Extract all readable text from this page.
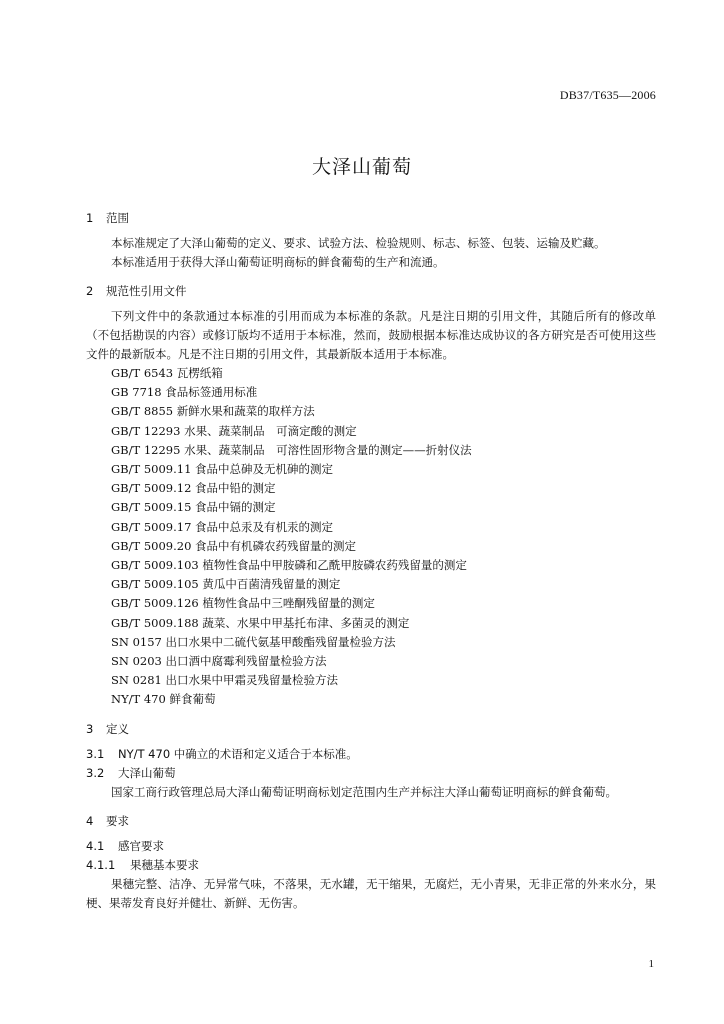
DB37/T635—2006
大泽山葡萄
1 范围

本标准规定了大泽山葡萄的定义、要求、试验方法、检验规则、标志、标签、包装、运输及贮藏。

本标准适用于获得大泽山葡萄证明商标的鲜食葡萄的生产和流通。

2 规范性引用文件

下列文件中的条款通过本标准的引用而成为本标准的条款。凡是注日期的引用文件，其随后所有的修改单（不包括勘误的内容）或修订版均不适用于本标准，然而，鼓励根据本标准达成协议的各方研究是否可使用这些文件的最新版本。凡是不注日期的引用文件，其最新版本适用于本标准。

GB/T 6543 瓦楞纸箱

GB 7718 食品标签通用标准

GB/T 8855 新鲜水果和蔬菜的取样方法

GB/T 12293 水果、蔬菜制品　可滴定酸的测定

GB/T 12295 水果、蔬菜制品　可溶性固形物含量的测定——折射仪法

GB/T 5009.11 食品中总砷及无机砷的测定

GB/T 5009.12 食品中铅的测定

GB/T 5009.15 食品中镉的测定

GB/T 5009.17 食品中总汞及有机汞的测定

GB/T 5009.20 食品中有机磷农药残留量的测定

GB/T 5009.103 植物性食品中甲胺磷和乙酰甲胺磷农药残留量的测定

GB/T 5009.105 黄瓜中百菌清残留量的测定

GB/T 5009.126 植物性食品中三唑酮残留量的测定

GB/T 5009.188 蔬菜、水果中甲基托布津、多菌灵的测定

SN 0157 出口水果中二硫代氨基甲酸酯残留量检验方法

SN 0203 出口酒中腐霉利残留量检验方法

SN 0281 出口水果中甲霜灵残留量检验方法

NY/T 470 鲜食葡萄

3 定义
3.1 NY/T 470 中确立的术语和定义适合于本标准。
3.2 大泽山葡萄

国家工商行政管理总局大泽山葡萄证明商标划定范围内生产并标注大泽山葡萄证明商标的鲜食葡萄。

4 要求
4.1 感官要求
4.1.1 果穗基本要求

果穗完整、洁净、无异常气味，不落果，无水罐，无干缩果，无腐烂，无小青果，无非正常的外来水分，果梗、果蒂发育良好并健壮、新鲜、无伤害。

1
